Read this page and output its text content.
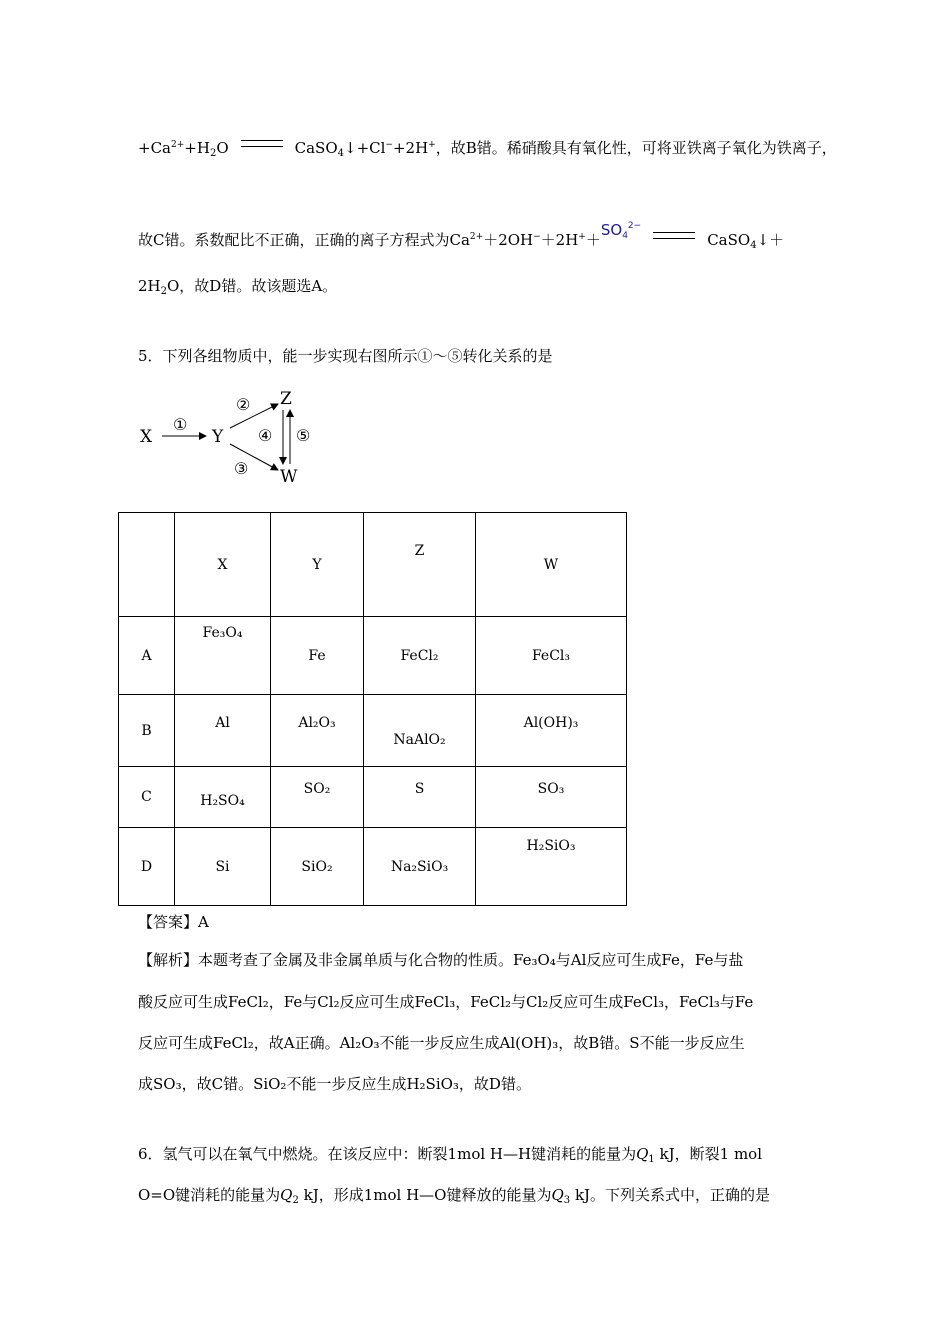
$+Ca^{2+}+H_2O$	CaSO$_4$↓+Cl−+2H+，故B错。稀硝酸具有氧化性，可将亚铁离子氧化为铁离子，
故C错。系数配比不正确，正确的离子方程式为$Ca^{2+}+2OH^-+2H^++SO_4^{2-}CaSO_4↓+$
$2H_2O$，故D错。故该题选A。
5．下列各组物质中，能一步实现右图所示①～⑤转化关系的是
X
①
Y
②
③
Z
W
④ ⑤
	X	Y	Z	W
A	Fe₃O₄	Fe	FeCl₂	FeCl₃
B	Al	Al₂O₃	NaAlO₂	Al(OH)₃

C	H₂SO₄	SO₂	S	SO₃
D	Si	SiO₂	Na₂SiO₃	H₂SiO₃
【答案】A
【解析】本题考查了金属及非金属单质与化合物的性质。Fe₃O₄与Al反应可生成Fe，Fe与盐
酸反应可生成FeCl₂，Fe与Cl₂反应可生成FeCl₃，FeCl₂与Cl₂反应可生成FeCl₃，FeCl₃与Fe
反应可生成FeCl₂，故A正确。Al₂O₃不能一步反应生成Al(OH)₃，故B错。S不能一步反应生
成SO₃，故C错。SiO₂不能一步反应生成H₂SiO₃，故D错。
6．氢气可以在氧气中燃烧。在该反应中：断裂1mol H—H键消耗的能量为$Q_1$ kJ，断裂1 mol
O=O键消耗的能量为$Q_2$ kJ，形成1mol H—O键释放的能量为$Q_3$ kJ。下列关系式中，正确的是
